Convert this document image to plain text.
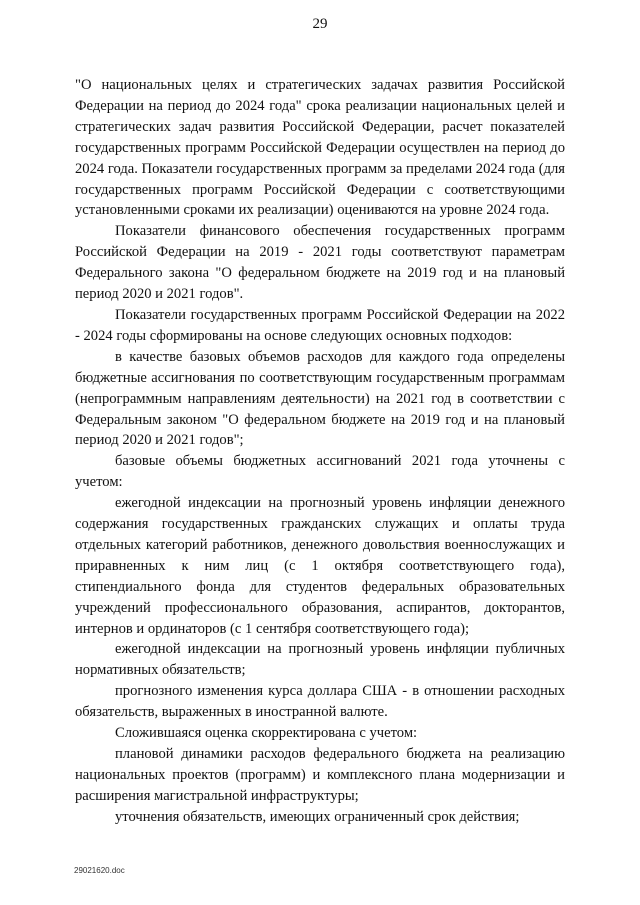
29

"О национальных целях и стратегических задачах развития Российской Федерации на период до 2024 года" срока реализации национальных целей и стратегических задач развития Российской Федерации, расчет показателей государственных программ Российской Федерации осуществлен на период до 2024 года. Показатели государственных программ за пределами 2024 года (для государственных программ Российской Федерации с соответствующими установленными сроками их реализации) оцениваются на уровне 2024 года.

Показатели финансового обеспечения государственных программ Российской Федерации на 2019 - 2021 годы соответствуют параметрам Федерального закона "О федеральном бюджете на 2019 год и на плановый период 2020 и 2021 годов".

Показатели государственных программ Российской Федерации на 2022 - 2024 годы сформированы на основе следующих основных подходов:

в качестве базовых объемов расходов для каждого года определены бюджетные ассигнования по соответствующим государственным программам (непрограммным направлениям деятельности) на 2021 год в соответствии с Федеральным законом "О федеральном бюджете на 2019 год и на плановый период 2020 и 2021 годов";

базовые объемы бюджетных ассигнований 2021 года уточнены с учетом:

ежегодной индексации на прогнозный уровень инфляции денежного содержания государственных гражданских служащих и оплаты труда отдельных категорий работников, денежного довольствия военнослужащих и приравненных к ним лиц (с 1 октября соответствующего года), стипендиального фонда для студентов федеральных образовательных учреждений профессионального образования, аспирантов, докторантов, интернов и ординаторов (с 1 сентября соответствующего года);

ежегодной индексации на прогнозный уровень инфляции публичных нормативных обязательств;

прогнозного изменения курса доллара США - в отношении расходных обязательств, выраженных в иностранной валюте.

Сложившаяся оценка скорректирована с учетом:

плановой динамики расходов федерального бюджета на реализацию национальных проектов (программ) и комплексного плана модернизации и расширения магистральной инфраструктуры;

уточнения обязательств, имеющих ограниченный срок действия;

29021620.doc
